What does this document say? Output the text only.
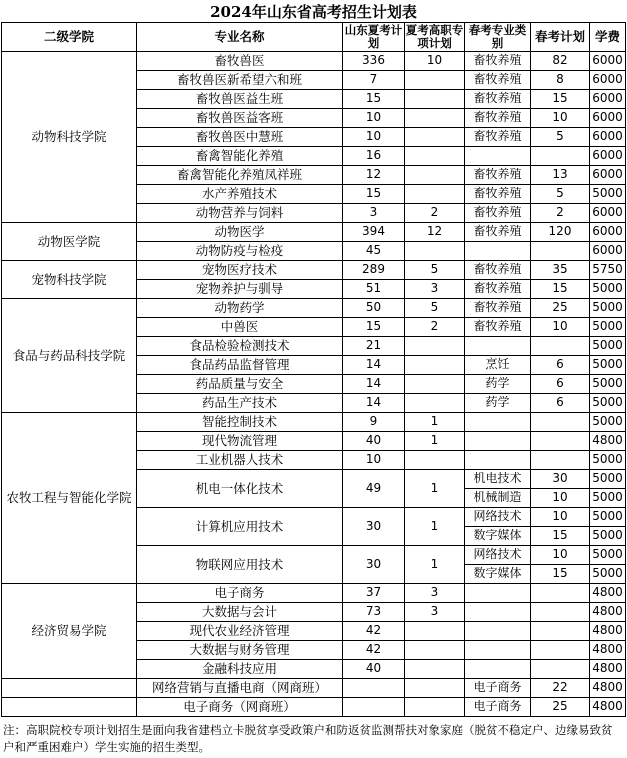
2024年山东省高考招生计划表
二级学院	专业名称	山东夏考计划	夏考高职专项计划	春考专业类别	春考计划	学费
动物科技学院	畜牧兽医	336	10	畜牧养殖	82	6000
	畜牧兽医新希望六和班	7		畜牧养殖	8	6000
	畜牧兽医益生班	15		畜牧养殖	15	6000
	畜牧兽医益客班	10		畜牧养殖	10	6000
	畜牧兽医中慧班	10		畜牧养殖	5	6000
	畜禽智能化养殖	16				6000
	畜禽智能化养殖凤祥班	12		畜牧养殖	13	6000
	水产养殖技术	15		畜牧养殖	5	5000
	动物营养与饲料	3	2	畜牧养殖	2	6000
动物医学院	动物医学	394	12	畜牧养殖	120	6000
	动物防疫与检疫	45				6000
宠物科技学院	宠物医疗技术	289	5	畜牧养殖	35	5750
	宠物养护与驯导	51	3	畜牧养殖	15	5000
食品与药品科技学院	动物药学	50	5	畜牧养殖	25	5000
	中兽医	15	2	畜牧养殖	10	5000
	食品检验检测技术	21				5000
	食品药品监督管理	14		烹饪	6	5000
	药品质量与安全	14		药学	6	5000
	药品生产技术	14		药学	6	5000
农牧工程与智能化学院	智能控制技术	9	1			5000
	现代物流管理	40	1			4800
	工业机器人技术	10				5000
	机电一体化技术	49	1	机电技术	30	5000
				机械制造	10	5000
	计算机应用技术	30	1	网络技术	10	5000
				数字媒体	15	5000
	物联网应用技术	30	1	网络技术	10	5000
				数字媒体	15	5000
经济贸易学院	电子商务	37	3			4800
	大数据与会计	73	3			4800
	现代农业经济管理	42				4800
	大数据与财务管理	42				4800
	金融科技应用	40				4800
	网络营销与直播电商（网商班）			电子商务	22	4800
	电子商务（网商班）			电子商务	25	4800
注：高职院校专项计划招生是面向我省建档立卡脱贫享受政策户和防返贫监测帮扶对象家庭（脱贫不稳定户、边缘易致贫户和严重困难户）学生实施的招生类型。
